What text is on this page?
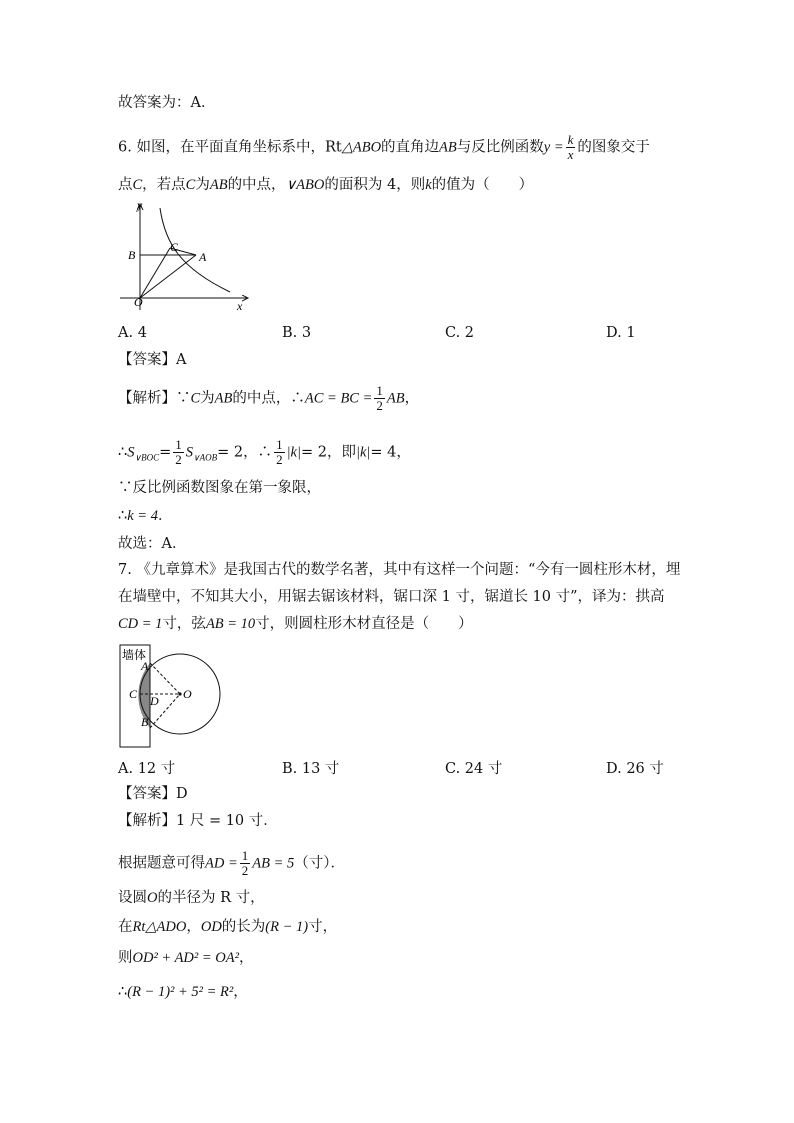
故答案为：A．
6. 如图，在平面直角坐标系中，Rt△ABO的直角边AB与反比例函数$y = \frac{k}{x}$ 的图象交于
点C，若点C为AB的中点，∨ABO的面积为 4，则k的值为（　　）
y
x
O
B
C
A
A. 4	B. 3	C. 2	D. 1
【答案】A
【解析】∵C为AB的中点，∴AC = BC = $\frac{1}{2}$ AB，
$\therefore S_{\vee BOC}= \frac{1}{2} S_{\vee AOB}= 2$，∴ $\frac{1}{2} |k|= 2$，即|k|= 4，
∵反比例函数图象在第一象限，
∴k = 4．
故选：A．
7. 《九章算术》是我国古代的数学名著，其中有这样一个问题：“今有一圆柱形木材，埋
在墙壁中，不知其大小，用锯去锯该材料，锯口深 1 寸，锯道长 10 寸”，译为：拱高
CD = 1寸，弦AB = 10寸，则圆柱形木材直径是（　　）
墙体
A
B
C D O
A. 12 寸	B. 13 寸	C. 24 寸	D. 26 寸
【答案】D
【解析】1 尺 = 10 寸．
根据题意可得AD = $\frac{1}{2}$ AB = 5（寸）．
设圆O的半径为 R 寸，
在Rt△ADO，OD的长为(R − 1)寸，
则OD² + AD² = OA²，
∴(R − 1)² + 5² = R²，
